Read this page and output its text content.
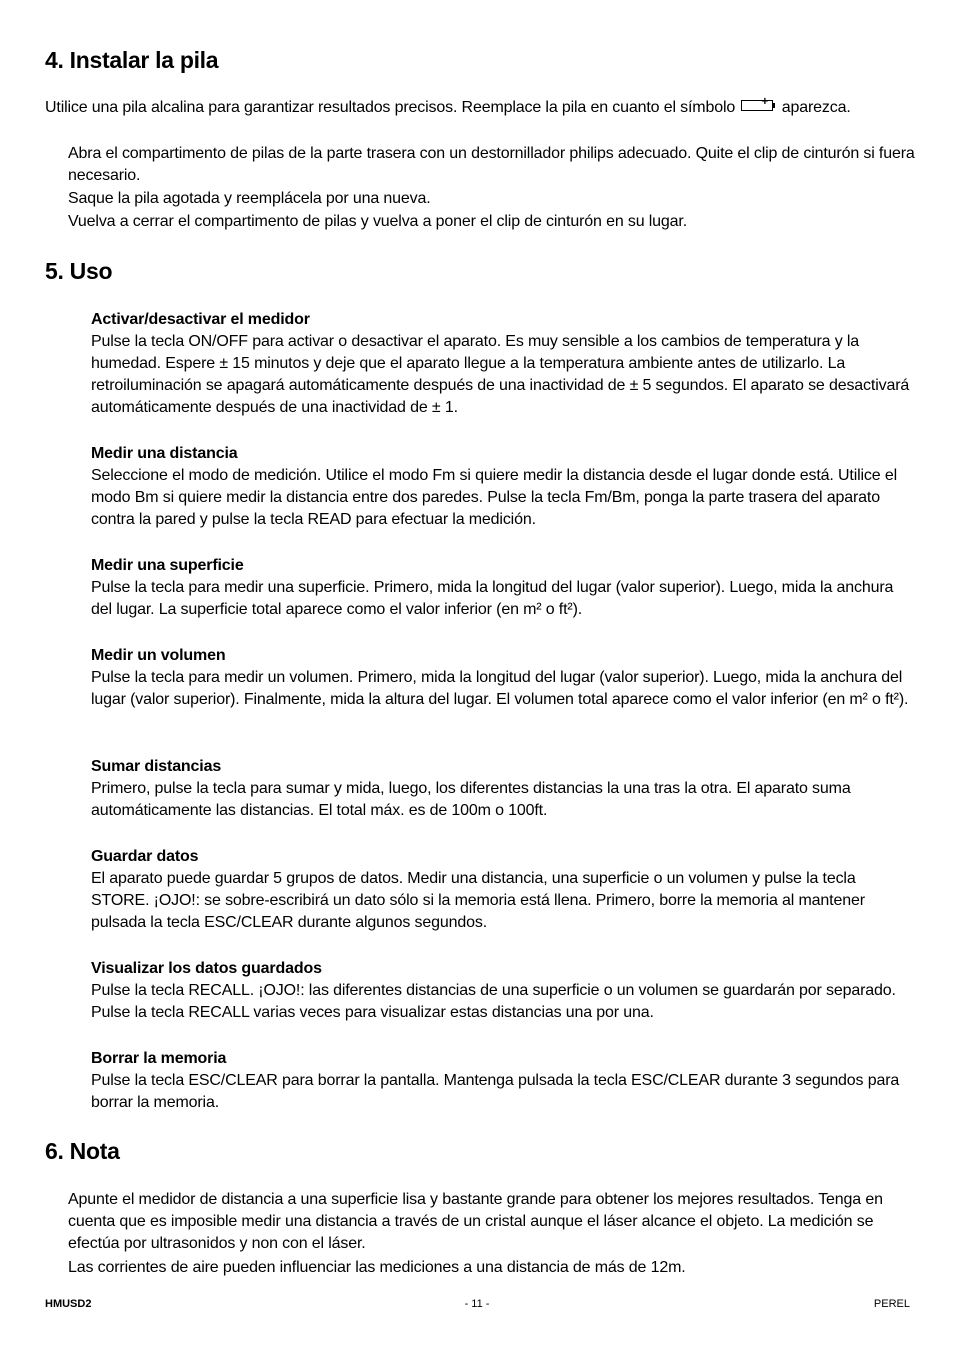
4. Instalar la pila

Utilice una pila alcalina para garantizar resultados precisos. Reemplace la pila en cuanto el símbolo + aparezca.

Abra el compartimento de pilas de la parte trasera con un destornillador philips adecuado. Quite el clip de cinturón si fuera necesario.

Saque la pila agotada y reemplácela por una nueva.

Vuelva a cerrar el compartimento de pilas y vuelva a poner el clip de cinturón en su lugar.

5. Uso

Activar/desactivar el medidor

Pulse la tecla ON/OFF para activar o desactivar el aparato. Es muy sensible a los cambios de temperatura y la humedad. Espere ± 15 minutos y deje que el aparato llegue a la temperatura ambiente antes de utilizarlo. La retroiluminación se apagará automáticamente después de una inactividad de ± 5 segundos. El aparato se desactivará automáticamente después de una inactividad de ± 1.

Medir una distancia

Seleccione el modo de medición. Utilice el modo Fm si quiere medir la distancia desde el lugar donde está. Utilice el modo Bm si quiere medir la distancia entre dos paredes. Pulse la tecla Fm/Bm, ponga la parte trasera del aparato contra la pared y pulse la tecla READ para efectuar la medición.

Medir una superficie

Pulse la tecla para medir una superficie. Primero, mida la longitud del lugar (valor superior). Luego, mida la anchura del lugar. La superficie total aparece como el valor inferior (en m² o ft²).

Medir un volumen

Pulse la tecla para medir un volumen. Primero, mida la longitud del lugar (valor superior). Luego, mida la anchura del lugar (valor superior). Finalmente, mida la altura del lugar. El volumen total aparece como el valor inferior (en m² o ft²).

Sumar distancias

Primero, pulse la tecla para sumar y mida, luego, los diferentes distancias la una tras la otra. El aparato suma automáticamente las distancias. El total máx. es de 100m o 100ft.

Guardar datos

El aparato puede guardar 5 grupos de datos. Medir una distancia, una superficie o un volumen y pulse la tecla STORE. ¡OJO!: se sobre-escribirá un dato sólo si la memoria está llena. Primero, borre la memoria al mantener pulsada la tecla ESC/CLEAR durante algunos segundos.

Visualizar los datos guardados

Pulse la tecla RECALL. ¡OJO!: las diferentes distancias de una superficie o un volumen se guardarán por separado. Pulse la tecla RECALL varias veces para visualizar estas distancias una por una.

Borrar la memoria

Pulse la tecla ESC/CLEAR para borrar la pantalla. Mantenga pulsada la tecla ESC/CLEAR durante 3 segundos para borrar la memoria.

6. Nota

Apunte el medidor de distancia a una superficie lisa y bastante grande para obtener los mejores resultados. Tenga en cuenta que es imposible medir una distancia a través de un cristal aunque el láser alcance el objeto. La medición se efectúa por ultrasonidos y non con el láser.

Las corrientes de aire pueden influenciar las mediciones a una distancia de más de 12m.

HMUSD2	- 11 -	PEREL
